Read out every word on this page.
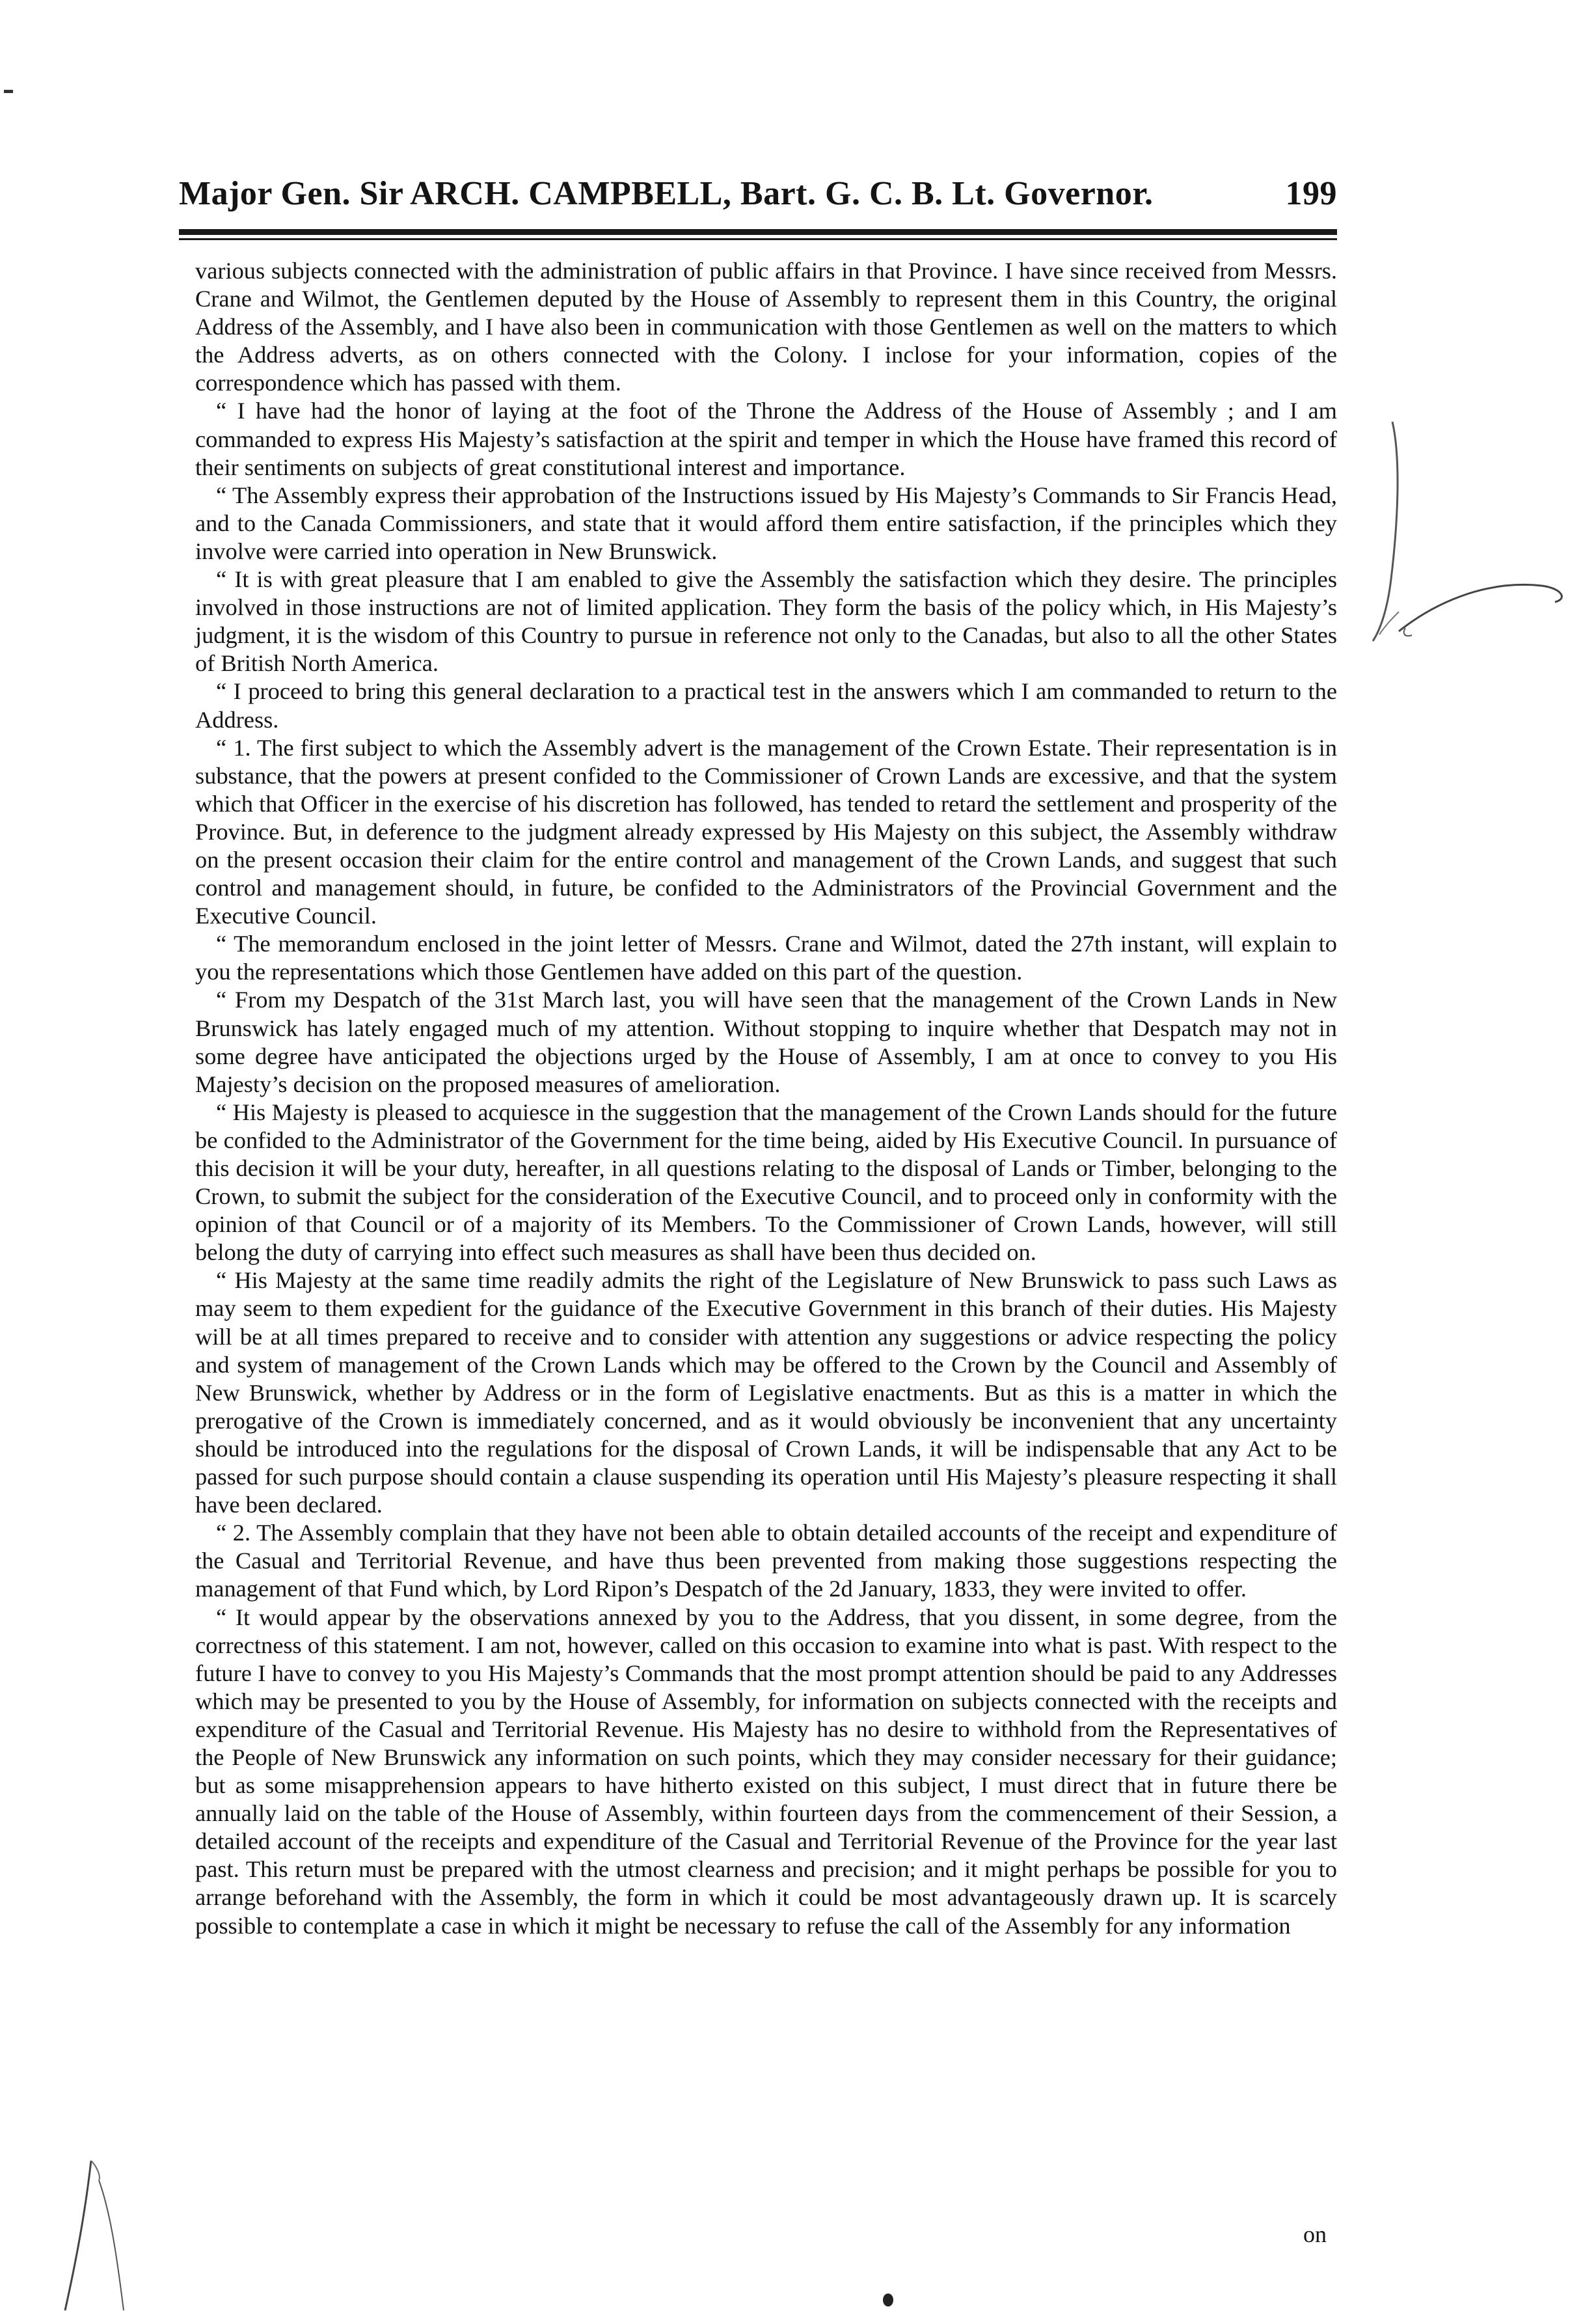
Major Gen. Sir ARCH. CAMPBELL, Bart. G. C. B. Lt. Governor.	199

various subjects connected with the administration of public affairs in that Province. I have since received from Messrs. Crane and Wilmot, the Gentlemen deputed by the House of Assembly to represent them in this Country, the original Address of the Assembly, and I have also been in communication with those Gentlemen as well on the matters to which the Address adverts, as on others connected with the Colony. I inclose for your information, copies of the correspondence which has passed with them.

“ I have had the honor of laying at the foot of the Throne the Address of the House of Assembly ; and I am commanded to express His Majesty’s satisfaction at the spirit and temper in which the House have framed this record of their sentiments on subjects of great constitutional interest and importance.

“ The Assembly express their approbation of the Instructions issued by His Majesty’s Commands to Sir Francis Head, and to the Canada Commissioners, and state that it would afford them entire satisfaction, if the principles which they involve were carried into operation in New Brunswick.

“ It is with great pleasure that I am enabled to give the Assembly the satisfaction which they desire. The principles involved in those instructions are not of limited application. They form the basis of the policy which, in His Majesty’s judgment, it is the wisdom of this Country to pursue in reference not only to the Canadas, but also to all the other States of British North America.

“ I proceed to bring this general declaration to a practical test in the answers which I am commanded to return to the Address.

“ 1. The first subject to which the Assembly advert is the management of the Crown Estate. Their representation is in substance, that the powers at present confided to the Commissioner of Crown Lands are excessive, and that the system which that Officer in the exercise of his discretion has followed, has tended to retard the settlement and prosperity of the Province. But, in deference to the judgment already expressed by His Majesty on this subject, the Assembly withdraw on the present occasion their claim for the entire control and management of the Crown Lands, and suggest that such control and management should, in future, be confided to the Administrators of the Provincial Government and the Executive Council.

“ The memorandum enclosed in the joint letter of Messrs. Crane and Wilmot, dated the 27th instant, will explain to you the representations which those Gentlemen have added on this part of the question.

“ From my Despatch of the 31st March last, you will have seen that the management of the Crown Lands in New Brunswick has lately engaged much of my attention. Without stopping to inquire whether that Despatch may not in some degree have anticipated the objections urged by the House of Assembly, I am at once to convey to you His Majesty’s decision on the proposed measures of amelioration.

“ His Majesty is pleased to acquiesce in the suggestion that the management of the Crown Lands should for the future be confided to the Administrator of the Government for the time being, aided by His Executive Council. In pursuance of this decision it will be your duty, hereafter, in all questions relating to the disposal of Lands or Timber, belonging to the Crown, to submit the subject for the consideration of the Executive Council, and to proceed only in conformity with the opinion of that Council or of a majority of its Members. To the Commissioner of Crown Lands, however, will still belong the duty of carrying into effect such measures as shall have been thus decided on.

“ His Majesty at the same time readily admits the right of the Legislature of New Brunswick to pass such Laws as may seem to them expedient for the guidance of the Executive Government in this branch of their duties. His Majesty will be at all times prepared to receive and to consider with attention any suggestions or advice respecting the policy and system of management of the Crown Lands which may be offered to the Crown by the Council and Assembly of New Brunswick, whether by Address or in the form of Legislative enactments. But as this is a matter in which the prerogative of the Crown is immediately concerned, and as it would obviously be inconvenient that any uncertainty should be introduced into the regulations for the disposal of Crown Lands, it will be indispensable that any Act to be passed for such purpose should contain a clause suspending its operation until His Majesty’s pleasure respecting it shall have been declared.

“ 2. The Assembly complain that they have not been able to obtain detailed accounts of the receipt and expenditure of the Casual and Territorial Revenue, and have thus been prevented from making those suggestions respecting the management of that Fund which, by Lord Ripon’s Despatch of the 2d January, 1833, they were invited to offer.

“ It would appear by the observations annexed by you to the Address, that you dissent, in some degree, from the correctness of this statement. I am not, however, called on this occasion to examine into what is past. With respect to the future I have to convey to you His Majesty’s Commands that the most prompt attention should be paid to any Addresses which may be presented to you by the House of Assembly, for information on subjects connected with the receipts and expenditure of the Casual and Territorial Revenue. His Majesty has no desire to withhold from the Representatives of the People of New Brunswick any information on such points, which they may consider necessary for their guidance; but as some misapprehension appears to have hitherto existed on this subject, I must direct that in future there be annually laid on the table of the House of Assembly, within fourteen days from the commencement of their Session, a detailed account of the receipts and expenditure of the Casual and Territorial Revenue of the Province for the year last past. This return must be prepared with the utmost clearness and precision; and it might perhaps be possible for you to arrange beforehand with the Assembly, the form in which it could be most advantageously drawn up. It is scarcely possible to contemplate a case in which it might be necessary to refuse the call of the Assembly for any information

on
